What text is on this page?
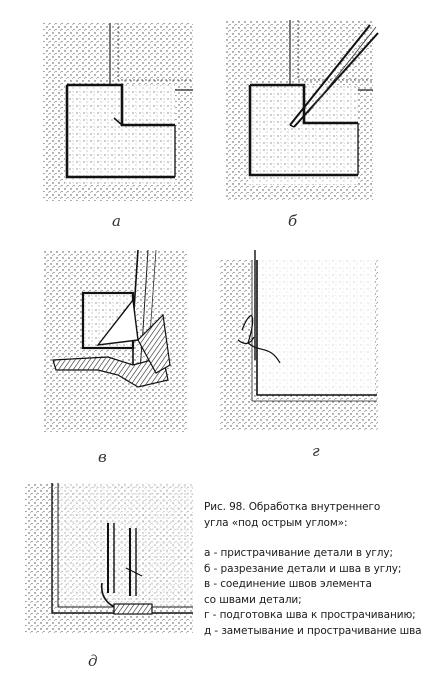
а	б
в	г
д
Рис. 98. Обработка внутреннего
угла «под острым углом»:
а - пристрачивание детали в углу;
б - разрезание детали и шва в углу;
в - соединение швов элемента
со швами детали;
г - подготовка шва к прострачиванию;
д - заметывание и прострачивание шва
